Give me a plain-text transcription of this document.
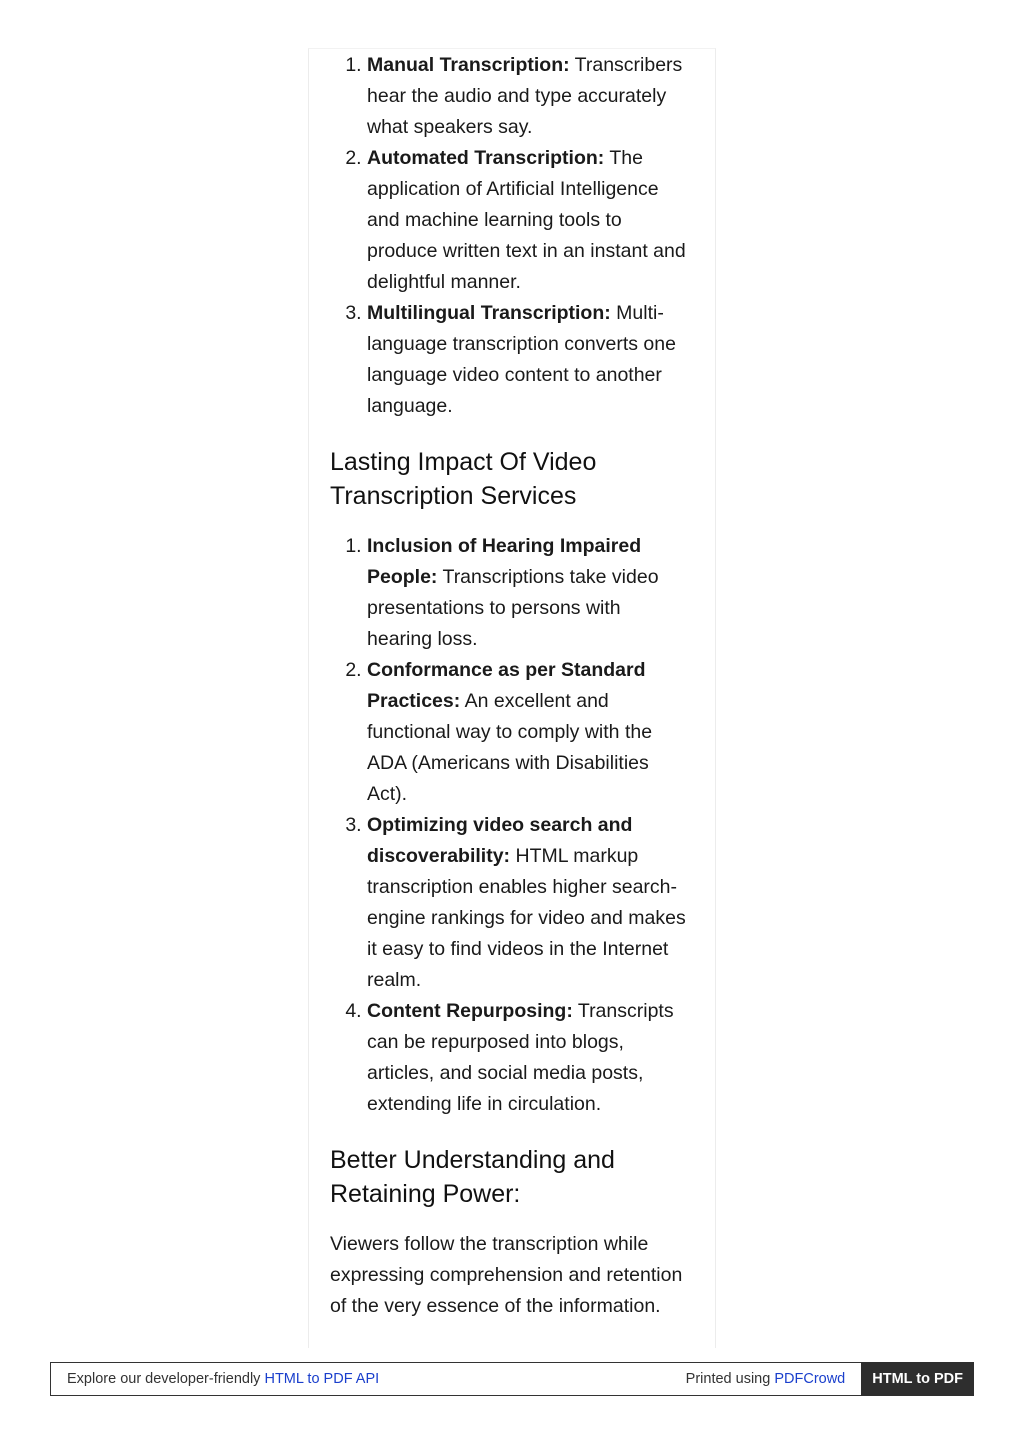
1. Manual Transcription: Transcribers hear the audio and type accurately what speakers say.
2. Automated Transcription: The application of Artificial Intelligence and machine learning tools to produce written text in an instant and delightful manner.
3. Multilingual Transcription: Multi-language transcription converts one language video content to another language.
Lasting Impact Of Video Transcription Services
1. Inclusion of Hearing Impaired People: Transcriptions take video presentations to persons with hearing loss.
2. Conformance as per Standard Practices: An excellent and functional way to comply with the ADA (Americans with Disabilities Act).
3. Optimizing video search and discoverability: HTML markup transcription enables higher search-engine rankings for video and makes it easy to find videos in the Internet realm.
4. Content Repurposing: Transcripts can be repurposed into blogs, articles, and social media posts, extending life in circulation.
Better Understanding and Retaining Power:

Viewers follow the transcription while expressing comprehension and retention of the very essence of the information.

Explore our developer-friendly HTML to PDF API	Printed using PDFCrowd	HTML to PDF
